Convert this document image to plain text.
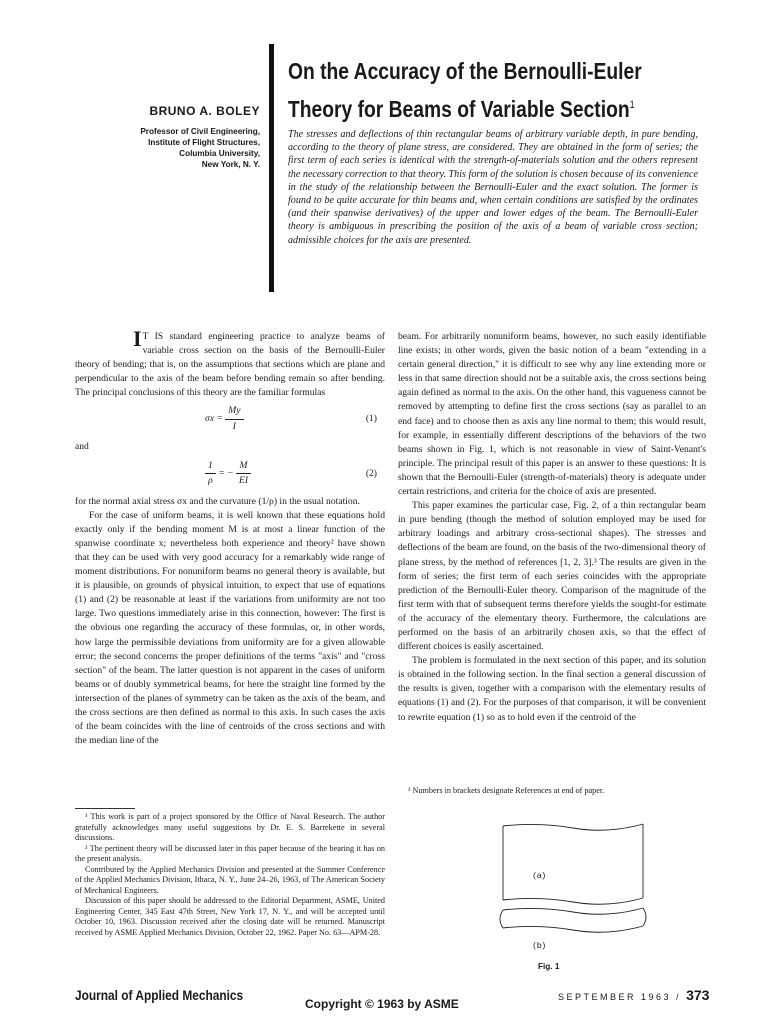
BRUNO A. BOLEY
Professor of Civil Engineering,
Institute of Flight Structures,
Columbia University,
New York, N. Y.
On the Accuracy of the Bernoulli-Euler
Theory for Beams of Variable Section$^1$
The stresses and deflections of thin rectangular beams of arbitrary variable depth, in pure bending, according to the theory of plane stress, are considered. They are obtained in the form of series; the first term of each series is identical with the strength-of-materials solution and the others represent the necessary correction to that theory. This form of the solution is chosen because of its convenience in the study of the relationship between the Bernoulli-Euler and the exact solution. The former is found to be quite accurate for thin beams and, when certain conditions are satisfied by the ordinates (and their spanwise derivatives) of the upper and lower edges of the beam. The Bernoulli-Euler theory is ambiguous in prescribing the position of the axis of a beam of variable cross section; admissible choices for the axis are presented.

I T IS standard engineering practice to analyze beams of variable cross section on the basis of the Bernoulli-Euler theory of bending; that is, on the assumptions that sections which are plane and perpendicular to the axis of the beam before bending remain so after bending. The principal conclusions of this theory are the familiar formulas

$\sigma x = \frac{My}{I}$	(1)

and

$\frac{1}{\rho}$ = − $\frac{M}{EI}$	(2)

for the normal axial stress σx and the curvature (1/ρ) in the usual notation.

For the case of uniform beams, it is well known that these equations hold exactly only if the bending moment M is at most a linear function of the spanwise coordinate x; nevertheless both experience and theory² have shown that they can be used with very good accuracy for a remarkably wide range of moment distributions. For nonuniform beams no general theory is available, but it is plausible, on grounds of physical intuition, to expect that use of equations (1) and (2) be reasonable at least if the variations from uniformity are not too large. Two questions immediately arise in this connection, however: The first is the obvious one regarding the accuracy of these formulas, or, in other words, how large the permissible deviations from uniformity are for a given allowable error; the second concerns the proper definitions of the terms "axis" and "cross section" of the beam. The latter question is not apparent in the cases of uniform beams or of doubly symmetrical beams, for here the straight line formed by the intersection of the planes of symmetry can be taken as the axis of the beam, and the cross sections are then defined as normal to this axis. In such cases the axis of the beam coincides with the line of centroids of the cross sections and with the median line of the

¹ This work is part of a project sponsored by the Office of Naval Research. The author gratefully acknowledges many useful suggestions by Dr. E. S. Barrekette in several discussions.

² The pertinent theory will be discussed later in this paper because of the bearing it has on the present analysis.

Contributed by the Applied Mechanics Division and presented at the Summer Conference of the Applied Mechanics Division, Ithaca, N. Y., June 24–26, 1963, of The American Society of Mechanical Engineers.

Discussion of this paper should be addressed to the Editorial Department, ASME, United Engineering Center, 345 East 47th Street, New York 17, N. Y., and will be accepted until October 10, 1963. Discussion received after the closing date will be returned. Manuscript received by ASME Applied Mechanics Division, October 22, 1962. Paper No. 63—APM-28.

beam. For arbitrarily nonuniform beams, however, no such easily identifiable line exists; in other words, given the basic notion of a beam "extending in a certain general direction," it is difficult to see why any line extending more or less in that same direction should not be a suitable axis, the cross sections being again defined as normal to the axis. On the other hand, this vagueness cannot be removed by attempting to define first the cross sections (say as parallel to an end face) and to choose then as axis any line normal to them; this would result, for example, in essentially different descriptions of the behaviors of the two beams shown in Fig. 1, which is not reasonable in view of Saint-Venant's principle. The principal result of this paper is an answer to these questions: It is shown that the Bernoulli-Euler (strength-of-materials) theory is adequate under certain restrictions, and criteria for the choice of axis are presented.

This paper examines the particular case, Fig. 2, of a thin rectangular beam in pure bending (though the method of solution employed may be used for arbitrary loadings and arbitrary cross-sectional shapes). The stresses and deflections of the beam are found, on the basis of the two-dimensional theory of plane stress, by the method of references [1, 2, 3].³ The results are given in the form of series; the first term of each series coincides with the appropriate prediction of the Bernoulli-Euler theory. Comparison of the magnitude of the first term with that of subsequent terms therefore yields the sought-for estimate of the accuracy of the elementary theory. Furthermore, the calculations are performed on the basis of an arbitrarily chosen axis, so that the effect of different choices is easily ascertained.

The problem is formulated in the next section of this paper, and its solution is obtained in the following section. In the final section a general discussion of the results is given, together with a comparison with the elementary results of equations (1) and (2). For the purposes of that comparison, it will be convenient to rewrite equation (1) so as to hold even if the centroid of the

³ Numbers in brackets designate References at end of paper.
(a)
(b)
Fig. 1
Journal of Applied Mechanics
Copyright © 1963 by ASME	SEPTEMBER 1963 / 373
